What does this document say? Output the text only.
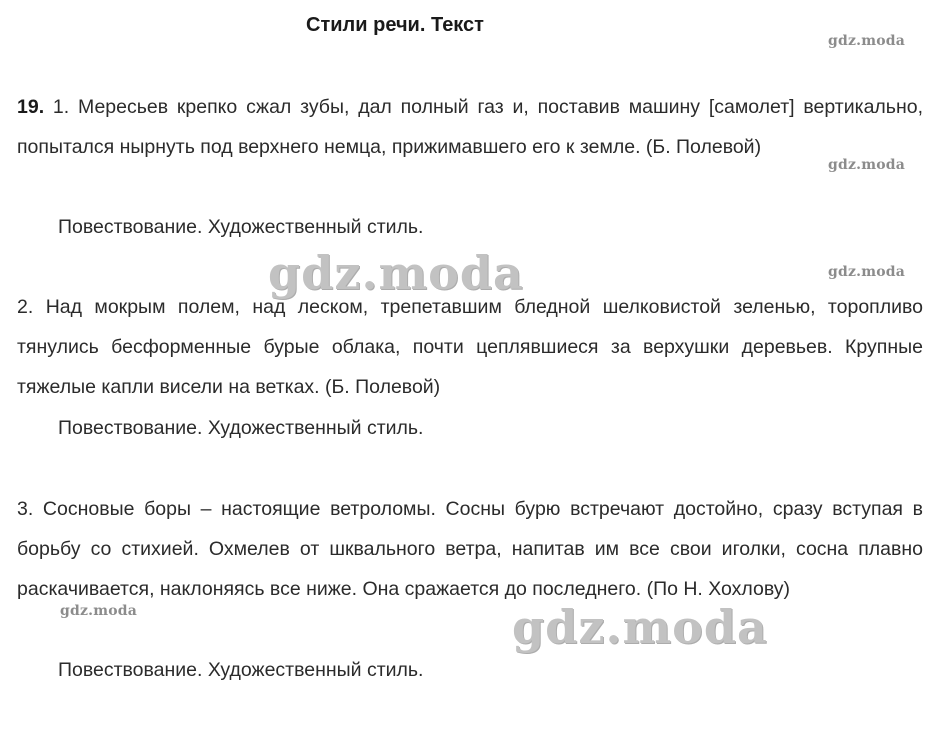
Стили речи. Текст
gdz.moda
gdz.moda
gdz.moda
gdz.moda
19. 1. Мересьев крепко сжал зубы, дал полный газ и, поставив машину [самолет] вертикально, попытался нырнуть под верхнего немца, прижимавшего его к земле. (Б. Полевой)
Повествование. Художественный стиль.
gdz.moda
2. Над мокрым полем, над леском, трепетавшим бледной шелковистой зеленью, торопливо тянулись бесформенные бурые облака, почти цеплявшиеся за верхушки деревьев. Крупные тяжелые капли висели на ветках. (Б. Полевой)
Повествование. Художественный стиль.
3. Сосновые боры – настоящие ветроломы. Сосны бурю встречают достойно, сразу вступая в борьбу со стихией. Охмелев от шквального ветра, напитав им все свои иголки, сосна плавно раскачивается, наклоняясь все ниже. Она сражается до последнего. (По Н. Хохлову)
Повествование. Художественный стиль.
gdz.moda
